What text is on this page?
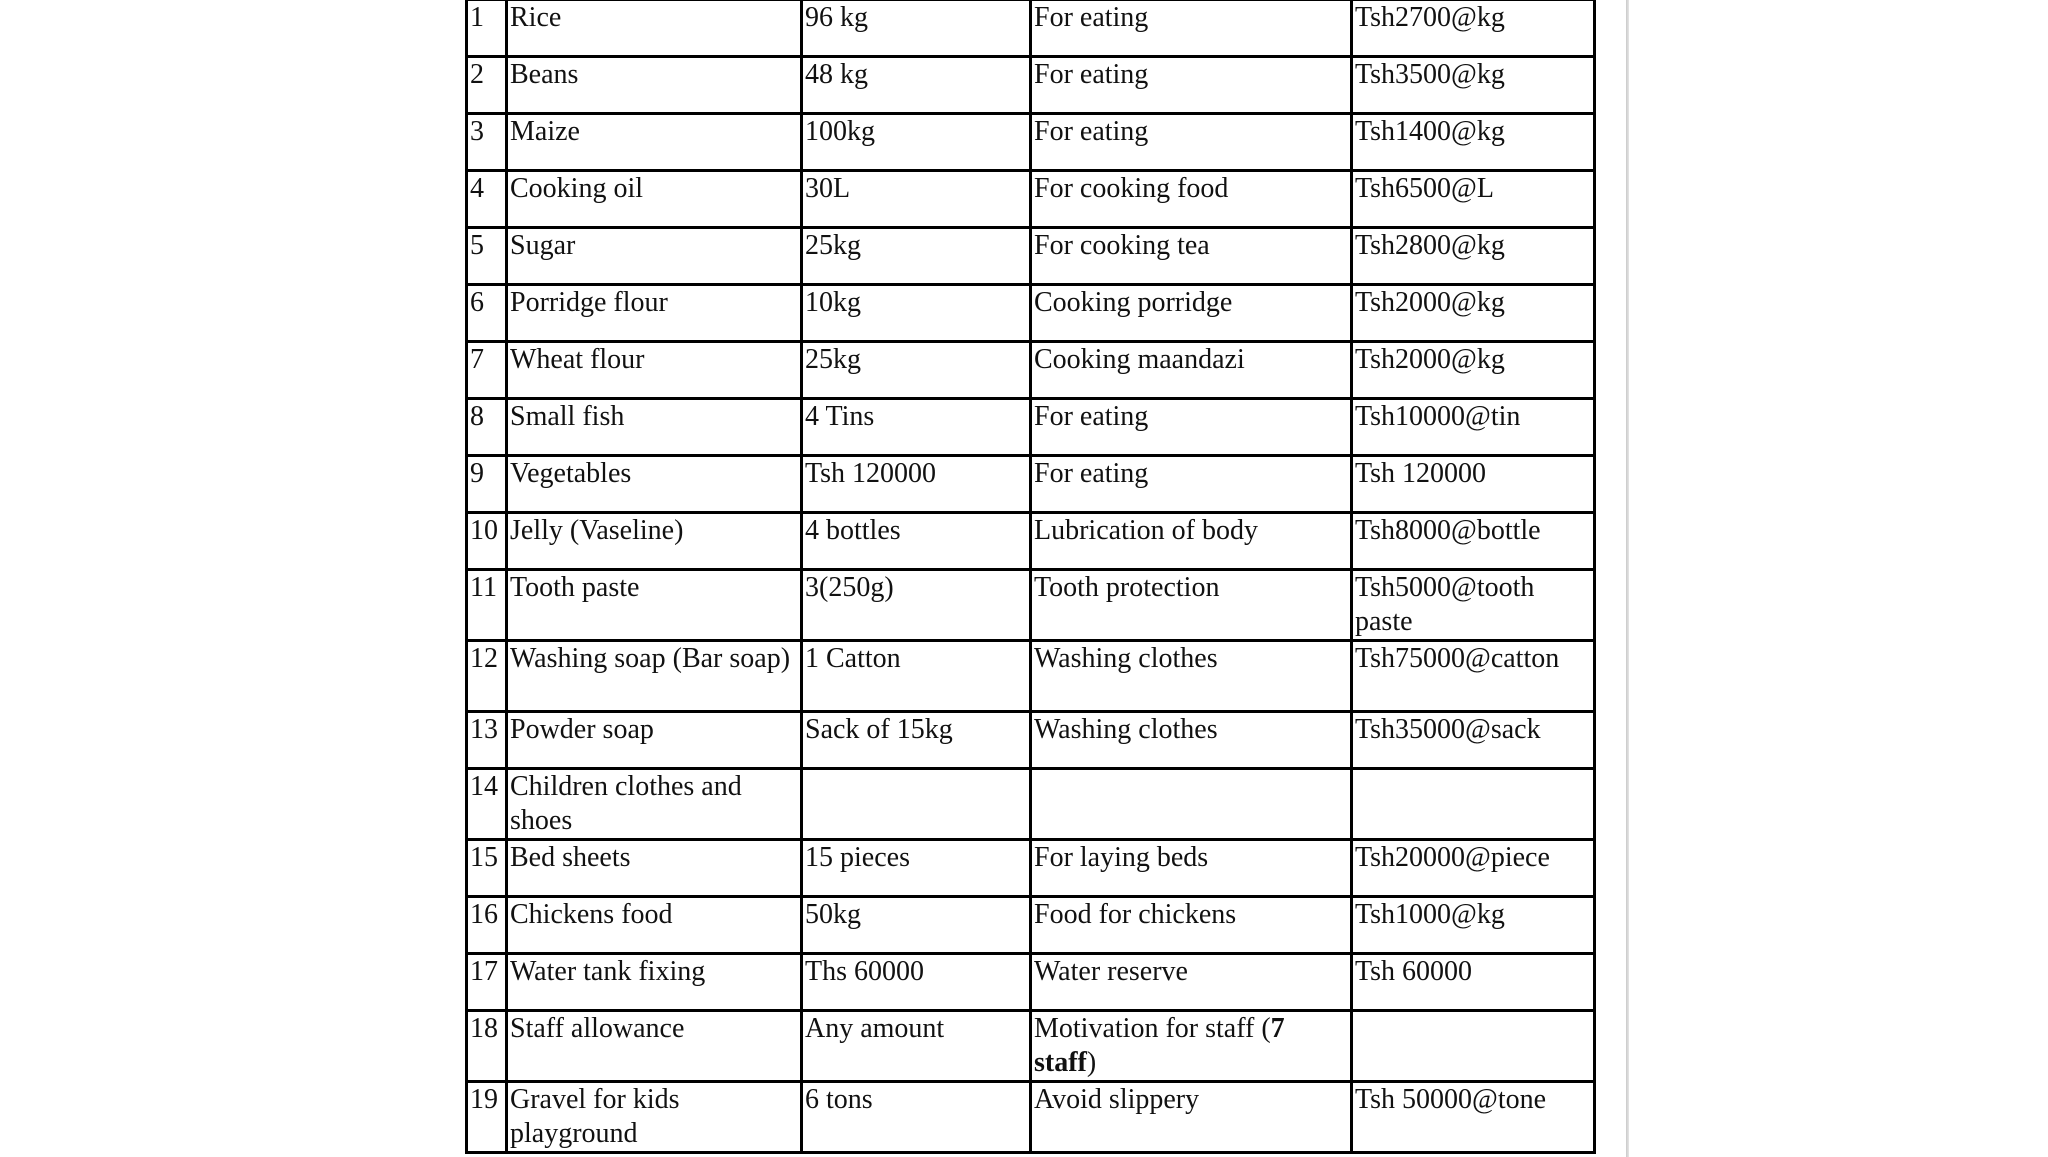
1	Rice	96 kg	For eating	Tsh2700@kg
2	Beans	48 kg	For eating	Tsh3500@kg
3	Maize	100kg	For eating	Tsh1400@kg
4	Cooking oil	30L	For cooking food	Tsh6500@L
5	Sugar	25kg	For cooking tea	Tsh2800@kg
6	Porridge flour	10kg	Cooking porridge	Tsh2000@kg
7	Wheat flour	25kg	Cooking maandazi	Tsh2000@kg
8	Small fish	4 Tins	For eating	Tsh10000@tin
9	Vegetables	Tsh 120000	For eating	Tsh 120000
10	Jelly (Vaseline)	4 bottles	Lubrication of body	Tsh8000@bottle
11	Tooth paste	3(250g)	Tooth protection	Tsh5000@tooth paste
12	Washing soap (Bar soap)	1 Catton	Washing clothes	Tsh75000@catton
13	Powder soap	Sack of 15kg	Washing clothes	Tsh35000@sack
14	Children clothes and shoes			
15	Bed sheets	15 pieces	For laying beds	Tsh20000@piece
16	Chickens food	50kg	Food for chickens	Tsh1000@kg
17	Water tank fixing	Ths 60000	Water reserve	Tsh 60000
18	Staff allowance	Any amount	Motivation for staff (7 staff)	
19	Gravel for kids playground	6 tons	Avoid slippery	Tsh 50000@tone
